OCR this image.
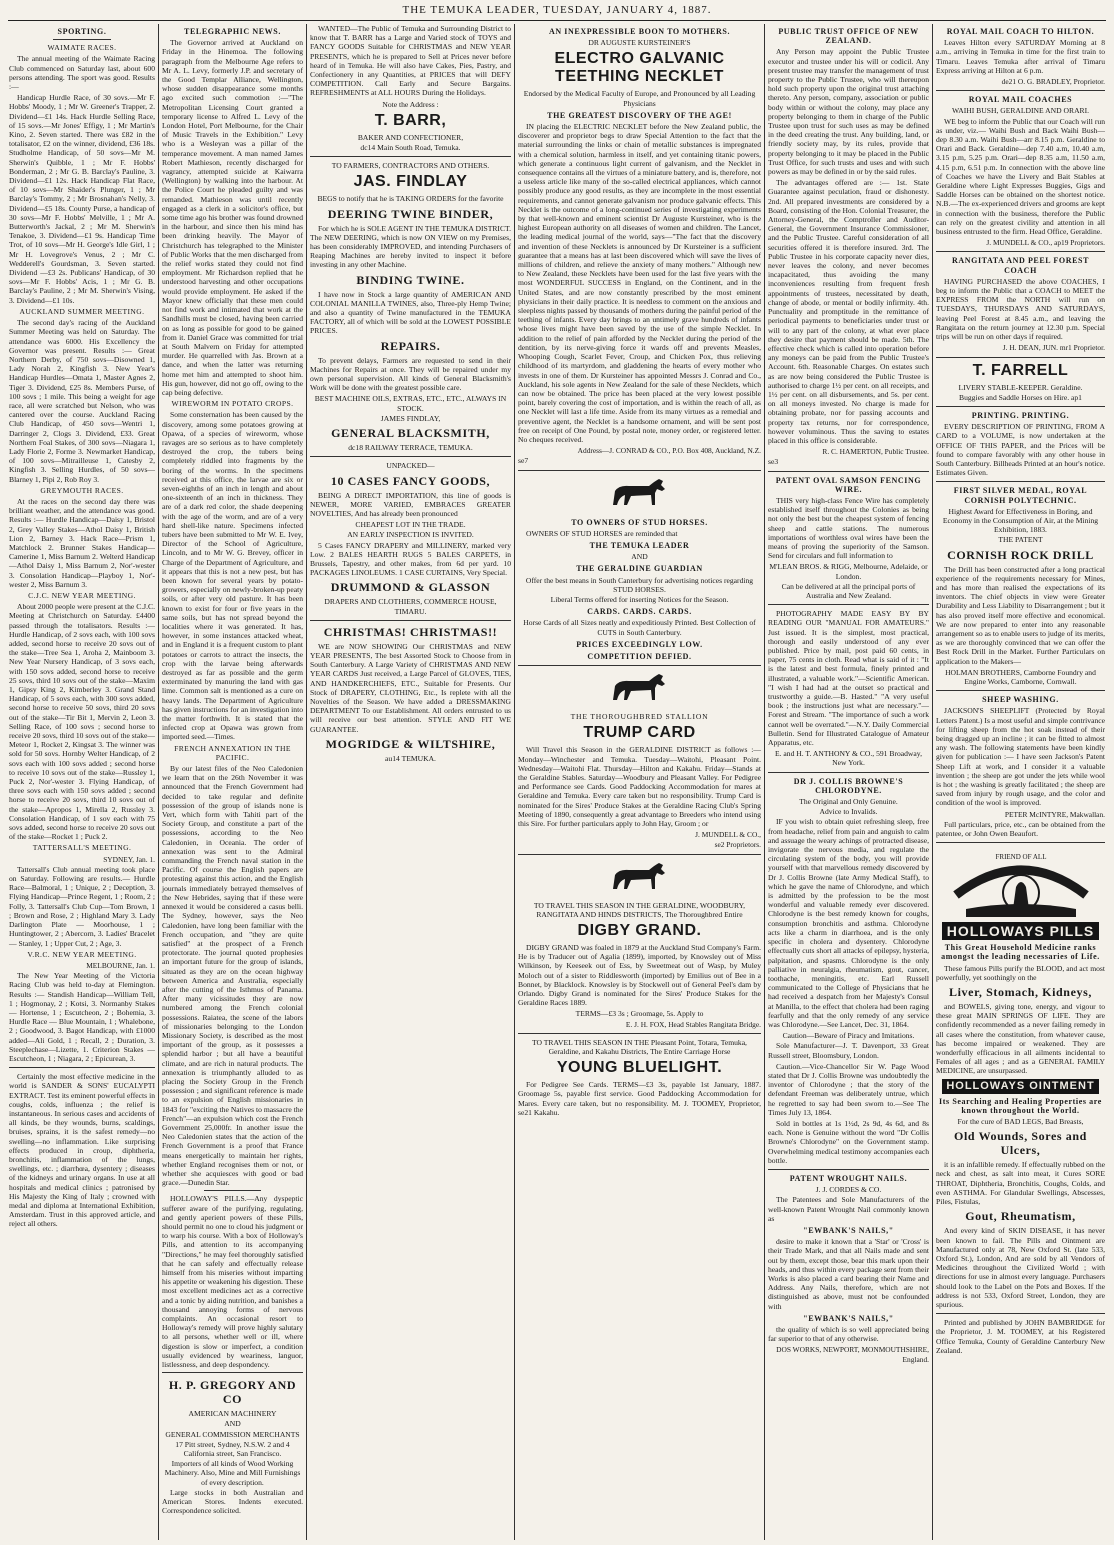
THE TEMUKA LEADER, TUESDAY, JANUARY 4, 1887.
SPORTING.
WAIMATE RACES.

The annual meeting of the Waimate Racing Club commenced on Saturday last, about 600 persons attending. The sport was good. Results :—

Handicap Hurdle Race, of 30 sovs.—Mr F. Hobbs' Moody, 1 ; Mr W. Greener's Trapper, 2. Dividend—£1 14s. Hack Hurdle Selling Race, of 15 sovs.—Mr Jones' Effigy, 1 ; Mr Martin's Kino, 2. Seven started. There was £82 in the totalisator, £2 on the winner, dividend, £36 18s. Studholme Handicap, of 50 sovs—Mr M. Sherwin's Quibble, 1 ; Mr F. Hobbs' Bonderman, 2 ; Mr G. B. Barclay's Pauline, 3. Dividend—£1 12s. Hack Handicap Flat Race, of 10 sovs—Mr Shaider's Plunger, 1 ; Mr Barclay's Tommy, 2 ; Mr Brosnahan's Nelly, 3. Dividend—£5 18s. County Purse, a handicap of 30 sovs—Mr F. Hobbs' Melville, 1 ; Mr A. Butterworth's Jackal, 2 ; Mr M. Sherwin's Tenakoe, 3. Dividend—£1 9s. Handicap Time Trot, of 10 sovs—Mr H. George's Idle Girl, 1 ; Mr H. Lovegrove's Venus, 2 ; Mr C. Wedderell's Gourdsman, 3. Seven started. Dividend —£3 2s. Publicans' Handicap, of 30 sovs—Mr F. Hobbs' Acis, 1 ; Mr G. B. Barclay's Pauline, 2 ; Mr M. Sherwin's Vising, 3. Dividend—£1 10s.

AUCKLAND SUMMER MEETING.

The second day's racing of the Auckland Summer Meeting was held on Saturday. The attendance was 6000. His Excellency the Governor was present. Results :— Great Northern Derby, of 750 sovs—Disowned 1, Lady Norah 2, Kingfish 3. New Year's Handicap Hurdles—Omata 1, Master Agnes 2, Tiger 3. Dividend, £25 8s. Members Purse, of 100 sovs ; 1 mile. This being a weight for age race, all were scratched but Nelson, who was cantered over the course. Auckland Racing Club Handicap, of 450 sovs—Wentri 1, Darringer 2, Clogs 3. Dividend, £33. Great Northern Foal Stakes, of 300 sovs—Niagara 1, Lady Florie 2, Forme 3. Newmarket Handicap, of 100 sovs—Mitrailleuse 1, Catesby 2, Kingfish 3. Selling Hurdles, of 50 sovs—Blarney 1, Pipi 2, Rob Roy 3.

GREYMOUTH RACES.

At the races on the second day there was brilliant weather, and the attendance was good. Results :— Hurdle Handicap—Daisy 1, Bristol 2, Grey Valley Stakes—Athol Daisy 1, British Lion 2, Barney 3. Hack Race—Prism 1, Matchlock 2. Brunner Stakes Handicap—Camerine 1, Miss Barnum 2. Welterd Handicap—Athol Daisy 1, Miss Barnum 2, Nor'-wester 3. Consolation Handicap—Playboy 1, Nor'-wester 2, Miss Barnum 3.

C.J.C. NEW YEAR MEETING.

About 2000 people were present at the C.J.C. Meeting at Christchurch on Saturday. £4400 passed through the totalisators. Results :— Hurdle Handicap, of 2 sovs each, with 100 sovs added, second horse to receive 20 sovs out of the stake—Tree Sea 1, Aroha 2, Mainboom 3. New Year Nursery Handicap, of 3 sovs each, with 150 sovs added, second horse to receive 25 sovs, third 10 sovs out of the stake—Maxim 1, Gipsy King 2, Kimberley 3. Grand Stand Handicap, of 5 sovs each, with 300 sovs added, second horse to receive 50 sovs, third 20 sovs out of the stake—Tir Bit 1, Mervin 2, Leon 3. Selling Race, of 100 sovs ; second horse to receive 20 sovs, third 10 sovs out of the stake—Meteor 1, Rocket 2, Kingsat 3. The winner was sold for 50 sovs. Hornby Welter Handicap, of 2 sovs each with 100 sovs added ; second horse to receive 10 sovs out of the stake—Russley 1, Puck 2, Nor'-wester 3. Flying Handicap, of three sovs each with 150 sovs added ; second horse to receive 20 sovs, third 10 sovs out of the stake—Apropos 1, Mirella 2, Russley 3. Consolation Handicap, of 1 sov each with 75 sovs added, second horse to receive 20 sovs out of the stake—Rocket 1 ; Puck 2.

TATTERSALL'S MEETING.
SYDNEY, Jan. 1.

Tattersall's Club annual meeting took place on Saturday. Following are results.— Hurdle Race—Balmoral, 1 ; Unique, 2 ; Deception, 3. Flying Handicap—Prince Regent, 1 ; Room, 2 ; Folly, 3. Tattersall's Club Cup—Tom Brown, 1 ; Brown and Rose, 2 ; Highland Mary 3. Lady Darlington Plate — Moorhouse, 1 ; Huntingtower, 2 ; Abercorn, 3. Ladies' Bracelet — Stanley, 1 ; Upper Cut, 2 ; Age, 3.

V.R.C. NEW YEAR MEETING.
MELBOURNE, Jan. 1.

The New Year Meeting of the Victoria Racing Club was held to-day at Flemington. Results :— Standish Handicap—William Tell, 1 ; Hogmonay, 2 ; Kotsi, 3. Normanby Stakes — Hortense, 1 ; Escutcheon, 2 ; Bohemia, 3. Hurdle Race — Blue Mountain, 1 ; Whalebone, 2 ; Goodwood, 3. Bagot Handicap, with £1000 added—Ali Gold, 1 ; Recall, 2 ; Duration, 3. Steeplechase—Lizette, 1. Criterion Stakes — Escutcheon, 1 ; Niagara, 2 ; Epicurean, 3.

Certainly the most effective medicine in the world is SANDER & SONS' EUCALYPTI EXTRACT. Test its eminent powerful effects in coughs, colds, influenza ; the relief is instantaneous. In serious cases and accidents of all kinds, be they wounds, burns, scaldings, bruises, sprains, it is the safest remedy—no swelling—no inflammation. Like surprising effects produced in croup, diphtheria, bronchitis, inflammation of the lungs, swellings, etc. ; diarrhœa, dysentery ; diseases of the kidneys and urinary organs. In use at all hospitals and medical clinics ; patronised by His Majesty the King of Italy ; crowned with medal and diploma at International Exhibition, Amsterdam. Trust in this approved article, and reject all others.

TELEGRAPHIC NEWS.

The Governor arrived at Auckland on Friday in the Hinemoa. The following paragraph from the Melbourne Age refers to Mr A. L. Levy, formerly J.P. and secretary of the Good Templar Alliance, Wellington, whose sudden disappearance some months ago excited such commotion :—"The Metropolitan Licensing Court granted a temporary license to Alfred L. Levy of the London Hotel, Port Melbourne, for the Chair of Music Travels in the Exhibition." Levy who is a Wesleyan was a pillar of the temperance movement. A man named James Robert Mathieson, recently discharged for vagrancy, attempted suicide at Kaiwarra (Wellington) by walking into the harbour. At the Police Court he pleaded guilty and was remanded. Mathieson was until recently engaged as a clerk in a solicitor's office, but some time ago his brother was found drowned in the harbour, and since then his mind has been drinking heavily. The Mayor of Christchurch has telegraphed to the Minister of Public Works that the men discharged from the relief works stated they could not find employment. Mr Richardson replied that he understood harvesting and other occupations would provide employment. He asked if the Mayor knew officially that these men could not find work and intimated that work at the Sandhills must be closed, having been carried on as long as possible for good to be gained from it. Daniel Grace was committed for trial at South Malvern on Friday for attempted murder. He quarrelled with Jas. Brown at a dance, and when the latter was returning home met him and attempted to shoot him. His gun, however, did not go off, owing to the cap being defective.

WIREWORM IN POTATO CROPS.

Some consternation has been caused by the discovery, among some potatoes growing at Opawa, of a species of wireworm, whose ravages are so serious as to have completely destroyed the crop, the tubers being completely riddled into fragments by the boring of the worms. In the specimens received at this office, the larvae are six or seven-eighths of an inch in length and about one-sixteenth of an inch in thickness. They are of a dark red color, the shade deepening with the age of the worm, and are of a very hard shell-like nature. Specimens infected tubers have been submitted to Mr W. E. Ivey, Director of the School of Agriculture, Lincoln, and to Mr W. G. Brevey, officer in Charge of the Department of Agriculture, and it appears that this is not a new pest, but has been known for several years by potato-growers, especially on newly-broken-up peaty soils, or after very old pasture. It has been known to exist for four or five years in the same soils, but has not spread beyond the localities where it was generated. It has, however, in some instances attacked wheat, and in England it is a frequent custom to plant potatoes or carrots to attract the insects, the crop with the larvae being afterwards destroyed as far as possible and the germ exterminated by manuring the land with gas lime. Common salt is mentioned as a cure on heavy lands. The Department of Agriculture has given instructions for an investigation into the matter forthwith. It is stated that the infected crop at Opawa was grown from imported seed.—Times.

FRENCH ANNEXATION IN THE PACIFIC.

By our latest files of the Neo Caledonien we learn that on the 26th November it was announced that the French Government had decided to take regular and definite possession of the group of islands none is Vert, which form with Tahiti part of the Society Group, and constitute a part of the possessions, according to the Neo Caledonien, in Oceania. The order of annexation was sent to the Admiral commanding the French naval station in the Pacific. Of course the English papers are protesting against this action, and the English journals immediately betrayed themselves of the New Hebrides, saying that if these were annexed it would be considered a casus belli. The Sydney, however, says the Neo Caledonien, have long been familiar with the French occupation, and "they are quite satisfied" at the prospect of a French protectorate. The journal quoted prophesies an important future for the group of islands, situated as they are on the ocean highway between America and Australia, especially after the cutting of the Isthmus of Panama. After many vicissitudes they are now numbered among the French colonial possessions. Raiatea, the scene of the labors of missionaries belonging to the London Missionary Society, is described as the most important of the group, as it possesses a splendid harbor ; but all have a beautiful climate, and are rich in natural products. The annexation is triumphantly alluded to as placing the Society Group in the French possession ; and significant reference is made to an expulsion of English missionaries in 1843 for "exciting the Natives to massacre the French"—an expulsion which cost the French Government 25,000fr. In another issue the Neo Caledonien states that the action of the French Government is a proof that France means energetically to maintain her rights, whether England recognises them or not, or whether she acquiesces with good or bad grace.—Dunedin Star.

HOLLOWAY'S PILLS.—Any dyspeptic sufferer aware of the purifying, regulating, and gently aperient powers of these Pills, should permit no one to cloud his judgment or to warp his course. With a box of Holloway's Pills, and attention to its accompanying "Directions," he may feel thoroughly satisfied that he can safely and effectually release himself from his miseries without imparting his appetite or weakening his digestion. These most excellent medicines act as a corrective and a tonic by aiding nutrition, and banishes a thousand annoying forms of nervous complaints. An occasional resort to Holloway's remedy will prove highly salutary to all persons, whether well or ill, where digestion is slow or imperfect, a condition usually evidenced by weariness, languor, listlessness, and deep despondency.

H. P. GREGORY AND CO
AMERICAN MACHINERY
AND
GENERAL COMMISSION MERCHANTS
17 Pitt street, Sydney, N.S.W. 2 and 4 California street, San Francisco.
Importers of all kinds of Wood Working Machinery. Also, Mine and Mill Furnishings of every description.

Large stocks in both Australian and American Stores. Indents executed. Correspondence solicited.

WANTED—The Public of Temuka and Surrounding District to know that T. BARR has a Large and Varied stock of TOYS and FANCY GOODS Suitable for CHRISTMAS and NEW YEAR PRESENTS, which he is prepared to Sell at Prices never before heard of in Temuka. He will also have Cakes, Pies, Pastry, and Confectionery in any Quantities, at PRICES that will DEFY COMPETITION. Call Early and Secure Bargains. REFRESHMENTS at ALL HOURS During the Holidays.

Note the Address :
T. BARR,
BAKER AND CONFECTIONER,
dc14 Main South Road, Temuka.
TO FARMERS, CONTRACTORS AND OTHERS.
JAS. FINDLAY
BEGS to notify that he is TAKING ORDERS for the favorite
DEERING TWINE BINDER,

For which he is SOLE AGENT IN THE TEMUKA DISTRICT. The NEW DEERING, which is now ON VIEW on my Premises, has been considerably IMPROVED, and intending Purchasers of Reaping Machines are hereby invited to inspect it before investing in any other Machine.

BINDING TWINE.

I have now in Stock a large quantity of AMERICAN AND COLONIAL MANILLA TWINES, also, Three-ply Hemp Twine; and also a quantity of Twine manufactured in the TEMUKA FACTORY, all of which will be sold at the LOWEST POSSIBLE PRICES.

REPAIRS.

To prevent delays, Farmers are requested to send in their Machines for Repairs at once. They will be repaired under my own personal supervision. All kinds of General Blacksmith's Work will be done with the greatest possible care.

BEST MACHINE OILS, EXTRAS, ETC., ETC., ALWAYS IN STOCK.
JAMES FINDLAY,
GENERAL BLACKSMITH,
dc18 RAILWAY TERRACE, TEMUKA.
UNPACKED—
10 CASES FANCY GOODS,

BEING A DIRECT IMPORTATION, this line of goods is NEWER, MORE VARIED, EMBRACES GREATER NOVELTIES, And has already been pronounced

CHEAPEST LOT IN THE TRADE.
AN EARLY INSPECTION IS INVITED.

5 Cases FANCY DRAPERY and MILLINERY, marked very Low. 2 BALES HEARTH RUGS 5 BALES CARPETS, in Brussels, Tapestry, and other makes, from 6d per yard. 10 PACKAGES LINOLEUMS. 1 CASE CURTAINS, Very Special.

DRUMMOND & GLASSON
DRAPERS AND CLOTHIERS, COMMERCE HOUSE, TIMARU.
CHRISTMAS! CHRISTMAS!!

WE are NOW SHOWING Our CHRISTMAS and NEW YEAR PRESENTS, The best Assorted Stock to Choose from in South Canterbury. A Large Variety of CHRISTMAS AND NEW YEAR CARDS Just received, a Large Parcel of GLOVES, TIES, AND HANDKERCHIEFS, ETC., Suitable for Presents. Our Stock of DRAPERY, CLOTHING, Etc., Is replete with all the Novelties of the Season. We have added a DRESSMAKING DEPARTMENT To our Establishment. All orders entrusted to us will receive our best attention. STYLE AND FIT WE GUARANTEE.

MOGRIDGE & WILTSHIRE,
au14 TEMUKA.
AN INEXPRESSIBLE BOON TO MOTHERS.
DR AUGUSTE KURSTEINER'S
ELECTRO GALVANIC TEETHING NECKLET
Endorsed by the Medical Faculty of Europe, and Pronounced by all Leading Physicians
THE GREATEST DISCOVERY OF THE AGE!

IN placing the ELECTRIC NECKLET before the New Zealand public, the discoverer and proprietor begs to draw Special Attention to the fact that the material surrounding the links or chain of metallic substances is impregnated with a chemical solution, harmless in itself, and yet containing titanic powers, which generate a continuous light current of galvanism, and the Necklet in consequence contains all the virtues of a miniature battery, and is, therefore, not a useless article like many of the so-called electrical appliances, which cannot possibly produce any good results, as they are incomplete in the most essential requirements, and cannot generate galvanism nor produce galvanic effects. This Necklet is the outcome of a long-continued series of investigating experiments by that well-known and eminent scientist Dr Auguste Kursteiner, who is the highest European authority on all diseases of women and children. The Lancet, the leading medical journal of the world, says—"The fact that the discovery and invention of these Necklets is announced by Dr Kursteiner is a sufficient guarantee that a means has at last been discovered which will save the lives of millions of children, and relieve the anxiety of many mothers." Although new to New Zealand, these Necklets have been used for the last five years with the most WONDERFUL SUCCESS in England, on the Continent, and in the United States, and are now constantly prescribed by the most eminent physicians in their daily practice. It is needless to comment on the anxious and sleepless nights passed by thousands of mothers during the painful period of the teething of infants. Every day brings to an untimely grave hundreds of infants whose lives might have been saved by the use of the simple Necklet. In addition to the relief of pain afforded by the Necklet during the period of the dentition, by its nerve-giving force it wards off and prevents Measles, Whooping Cough, Scarlet Fever, Croup, and Chicken Pox, thus relieving childhood of its martyrdom, and gladdening the hearts of every mother who invests in one of them. Dr Kursteiner has appointed Messrs J. Conrad and Co., Auckland, his sole agents in New Zealand for the sale of these Necklets, which can now be obtained. The price has been placed at the very lowest possible point, barely covering the cost of importation, and is within the reach of all, as one Necklet will last a life time. Aside from its many virtues as a remedial and preventive agent, the Necklet is a handsome ornament, and will be sent post free on receipt of One Pound, by postal note, money order, or registered letter. No cheques received.

Address—J. CONRAD & CO., P.O. Box 408, Auckland, N.Z.
se7
TO OWNERS OF STUD HORSES.

OWNERS OF STUD HORSES are reminded that

THE TEMUKA LEADER
AND
THE GERALDINE GUARDIAN
Offer the best means in South Canterbury for advertising notices regarding STUD HORSES.
Liberal Terms offered for inserting Notices for the Season.
CARDS. CARDS. CARDS.
Horse Cards of all Sizes neatly and expeditiously Printed. Best Collection of CUTS in South Canterbury.
PRICES EXCEEDINGLY LOW.
COMPETITION DEFIED.
THE THOROUGHBRED STALLION
TRUMP CARD

Will Travel this Season in the GERALDINE DISTRICT as follows :— Monday—Winchester and Temuka. Tuesday—Waitohi, Pleasant Point. Wednesday—Waitohi Flat. Thursday—Hilton and Kakahu. Friday—Stands at the Geraldine Stables. Saturday—Woodbury and Pleasant Valley. For Pedigree and Performance see Cards. Good Paddocking Accommodation for mares at Geraldine and Temuka. Every care taken but no responsibility. Trump Card is nominated for the Sires' Produce Stakes at the Geraldine Racing Club's Spring Meeting of 1890, consequently a great advantage to Breeders who intend using this Sire. For further particulars apply to John Hay, Groom ; or

J. MUNDELL & CO.,
se2 Proprietors.
TO TRAVEL THIS SEASON IN THE GERALDINE, WOODBURY, RANGITATA AND HINDS DISTRICTS, The Thoroughbred Entire
DIGBY GRAND.

DIGBY GRAND was foaled in 1879 at the Auckland Stud Company's Farm. He is by Traducer out of Agalia (1899), imported, by Knowsley out of Miss Wilkinson, by Keeseek out of Ess, by Sweetmeat out of Wasp, by Muley Moloch out of a sister to Riddlesworth (imported) by Emilius out of Bee in a Bonnet, by Blacklock. Knowsley is by Stockwell out of General Peel's dam by Orlando. Digby Grand is nominated for the Sires' Produce Stakes for the Geraldine Races 1889.

TERMS—£3 3s ; Groomage, 5s. Apply to
E. J. H. FOX, Head Stables Rangitata Bridge.
TO TRAVEL THIS SEASON IN THE Pleasant Point, Totara, Temuka, Geraldine, and Kakahu Districts, The Entire Carriage Horse
YOUNG BLUELIGHT.

For Pedigree See Cards. TERMS—£3 3s, payable 1st January, 1887. Groomage 5s, payable first service. Good Paddocking Accommodation for Mares. Every care taken, but no responsibility. M. J. TOOMEY, Proprietor, se21 Kakahu.

PUBLIC TRUST OFFICE OF NEW ZEALAND.

Any Person may appoint the Public Trustee executor and trustee under his will or codicil. Any present trustee may transfer the management of trust property to the Public Trustee, who will thereupon hold such property upon the original trust attaching thereto. Any person, company, association or public body within or without the colony, may place any property belonging to them in charge of the Public Trustee upon trust for such uses as may be defined in the deed creating the trust. Any building, land, or friendly society may, by its rules, provide that property belonging to it may be placed in the Public Trust Office, for such trusts and uses and with such powers as may be defined in or by the said rules.

The advantages offered are :— 1st. State Guarantee against peculation, fraud or dishonesty. 2nd. All prepared investments are considered by a Board, consisting of the Hon. Colonial Treasurer, the Attorney-General, the Comptroller and Auditor-General, the Government Insurance Commissioner, and the Public Trustee. Careful consideration of all securities offered it is therefore insured. 3rd. The Public Trustee in his corporate capacity never dies, never leaves the colony, and never becomes incapacitated, thus avoiding the many inconveniences resulting from frequent fresh appointments of trustees, necessitated by death, change of abode, or mental or bodily infirmity. 4th. Punctuality and promptitude in the remittance of periodical payments to beneficiaries under trust or will to any part of the colony, at what ever place they desire that payment should be made. 5th. The effective check which is called into operation before any moneys can be paid from the Public Trustee's Account. 6th. Reasonable Charges. On estates such as are now being considered the Public Trustee is authorised to charge 1½ per cent. on all receipts, and 1½ per cent. on all disbursements, and 5s. per cent. on all moneys invested. No charge is made for obtaining probate, nor for passing accounts and property tax returns, nor for correspondence, however voluminous. Thus the saving to estates placed in this office is considerable.

R. C. HAMERTON, Public Trustee.
se3
PATENT OVAL SAMSON FENCING WIRE.

THIS very high-class Fence Wire has completely established itself throughout the Colonies as being not only the best but the cheapest system of fencing sheep and cattle stations. The numerous importations of worthless oval wires have been the means of proving the superiority of the Samson. Send for circulars and full information to

M'LEAN BROS. & RIGG, Melbourne, Adelaide, or London.
Can be delivered at all the principal ports of Australia and New Zealand.

PHOTOGRAPHY MADE EASY BY BY READING OUR "MANUAL FOR AMATEURS." Just issued. It is the simplest, most practical, thorough and easily understood of any ever published. Price by mail, post paid 60 cents, in paper, 75 cents in cloth. Read what is said of it : "It is the latest and best formula, finely printed and illustrated, a valuable work."—Scientific American. "I wish I had had at the outset so practical and trustworthy a guide.—B. Hasted." "A very useful book ; the instructions just what are necessary."—Forest and Stream. "The importance of such a work cannot well be overrated."—N.Y. Daily Commercial Bulletin. Send for Illustrated Catalogue of Amateur Apparatus, etc.

E. and H. T. ANTHONY & CO., 591 Broadway, New York.
DR J. COLLIS BROWNE'S CHLORODYNE.
The Original and Only Genuine.
Advice to Invalids.

IF you wish to obtain quiet refreshing sleep, free from headache, relief from pain and anguish to calm and assuage the weary achings of protracted disease, invigorate the nervous media, and regulate the circulating system of the body, you will provide yourself with that marvellous remedy discovered by Dr J. Collis Browne (late Army Medical Staff), to which he gave the name of Chlorodyne, and which is admitted by the profession to be the most wonderful and valuable remedy ever discovered. Chlorodyne is the best remedy known for coughs, consumption bronchitis and asthma. Chlorodyne acts like a charm in diarrhoea, and is the only specific in cholera and dysentery. Chlorodyne effectually cuts short all attacks of epilepsy, hysteria, palpitation, and spasms. Chlorodyne is the only palliative in neuralgia, rheumatism, gout, cancer, toothache, meningitis, etc. Earl Russell communicated to the College of Physicians that he had received a despatch from her Majesty's Consul at Manilla, to the effect that cholera had been raging fearfully and that the only remedy of any service was Chlorodyne.—See Lancet, Dec. 31, 1864.

Caution—Beware of Piracy and Imitations.

Sole Manufacturer—J. T. Davenport, 33 Great Russell street, Bloomsbury, London.

Caution.—Vice-Chancellor Sir W. Page Wood stated that Dr J. Collis Browne was undoubtedly the inventor of Chlorodyne ; that the story of the defendant Freeman was deliberately untrue, which he regretted to say had been sworn to.—See The Times July 13, 1864.

Sold in bottles at 1s 1½d, 2s 9d, 4s 6d, and 8s each. None is Genuine without the word "Dr Collis Browne's Chlorodyne" on the Government stamp. Overwhelming medical testimony accompanies each bottle.

PATENT WROUGHT NAILS.
J. J. CORDES & CO.

The Patentees and Sole Manufacturers of the well-known Patent Wrought Nail commonly known as

"EWBANK'S NAILS,"

desire to make it known that a 'Star' or 'Cross' is their Trade Mark, and that all Nails made and sent out by them, except those, bear this mark upon their heads, and thus within every package sent from their Works is also placed a card bearing their Name and Address. Any Nails, therefore, which are not distinguished as above, must not be confounded with

"EWBANK'S NAILS,"

the quality of which is so well appreciated being far superior to that of any otherwise.

DOS WORKS, NEWPORT, MONMOUTHSHIRE, England.
ROYAL MAIL COACH TO HILTON.

Leaves Hilton every SATURDAY Morning at 8 a.m., arriving in Temuka in time for the first train to Timaru. Leaves Temuka after arrival of Timaru Express arriving at Hilton at 6 p.m.

de21 O. G. BRADLEY, Proprietor.
ROYAL MAIL COACHES
WAIHI BUSH, GERALDINE AND ORARI.

WE beg to inform the Public that our Coach will run as under, viz.— Waihi Bush and Back Waihi Bush—dep 8.30 a.m. Waihi Bush—arr 8.15 p.m. Geraldine to Orari and Back. Geraldine—dep 7.40 a.m, 10.40 a.m, 3.15 p.m, 5.25 p.m. Orari—dep 8.35 a.m, 11.50 a.m, 4.15 p.m, 6.51 p.m. In connection with the above line of Coaches we have the Livery and Bait Stables at Geraldine where Light Expresses Buggies, Gigs and Saddle Horses can be obtained on the shortest notice. N.B.—The ex-experienced drivers and grooms are kept in connection with the business, therefore the Public can rely on the greatest civility and attention in all business entrusted to the firm. Head Office, Geraldine.

J. MUNDELL & CO., ap19 Proprietors.
RANGITATA AND PEEL FOREST COACH

HAVING PURCHASED the above COACHES, I beg to inform the Public that a COACH to MEET the EXPRESS FROM the NORTH will run on TUESDAYS, THURSDAYS AND SATURDAYS, leaving Peel Forest at 8.45 a.m., and leaving the Rangitata on the return journey at 12.30 p.m. Special trips will be run on other days if required.

J. H. DEAN, JUN. mr1 Proprietor.
T. FARRELL
LIVERY STABLE-KEEPER. Geraldine.
Buggies and Saddle Horses on Hire. ap1
PRINTING. PRINTING.

EVERY DESCRIPTION OF PRINTING, FROM A CARD to a VOLUME, is now undertaken at the OFFICE OF THIS PAPER, and the Prices will be found to compare favorably with any other house in South Canterbury. Billheads Printed at an hour's notice. Estimates Given.

FIRST SILVER MEDAL, ROYAL CORNISH POLYTECHNIC.
Highest Award for Effectiveness in Boring, and Economy in the Consumption of Air, at the Mining Exhibition, 1883.
THE PATENT
CORNISH ROCK DRILL

The Drill has been constructed after a long practical experience of the requirements necessary for Mines, and has more than realised the expectations of its inventors. The chief objects in view were Greater Durability and Less Liability to Disarrangement ; but it has also proved itself more effective and economical. We are now prepared to enter into any reasonable arrangement so as to enable users to judge of its merits, as we are thoroughly convinced that we can offer the Best Rock Drill in the Market. Further Particulars on application to the Makers—

HOLMAN BROTHERS, Camborne Foundry and Engine Works, Camborne, Cornwall.
SHEEP WASHING.

JACKSON'S SHEEPLIFT (Protected by Royal Letters Patent.) Is a most useful and simple contrivance for lifting sheep from the hot soak instead of their being dragged up an incline ; it can be fitted to almost any wash. The following statements have been kindly given for publication :— I have seen Jackson's Patent Sheep Lift at work, and I consider it a valuable invention ; the sheep are got under the jets while wool is hot ; the washing is greatly facilitated ; the sheep are saved from injury by rough usage, and the color and condition of the wool is improved.

PETER McINTYRE, Makwallan.

Full particulars, price, etc., can be obtained from the patentee, or John Owen Beaufort.

FRIEND OF ALL
HOLLOWAYS PILLS
This Great Household Medicine ranks amongst the leading necessaries of Life.

These famous Pills purify the BLOOD, and act most powerfully, yet soothingly on the

Liver, Stomach, Kidneys,

and BOWELS, giving tone, energy, and vigour to these great MAIN SPRINGS OF LIFE. They are confidently recommended as a never failing remedy in all cases where the constitution, from whatever cause, has become impaired or weakened. They are wonderfully efficacious in all ailments incidental to Females of all ages ; and as a GENERAL FAMILY MEDICINE, are unsurpassed.

HOLLOWAYS OINTMENT
Its Searching and Healing Properties are known throughout the World.
For the cure of BAD LEGS, Bad Breasts,
Old Wounds, Sores and Ulcers,

it is an infallible remedy. If effectually rubbed on the neck and chest, as salt into meat, it Cures SORE THROAT, Diphtheria, Bronchitis, Coughs, Colds, and even ASTHMA. For Glandular Swellings, Abscesses, Piles, Fistulas,

Gout, Rheumatism,

And every kind of SKIN DISEASE, it has never been known to fail. The Pills and Ointment are Manufactured only at 78, New Oxford St. (late 533, Oxford St.), London, And are sold by all Vendors of Medicines throughout the Civilized World ; with directions for use in almost every language. Purchasers should look to the Label on the Pots and Boxes. If the address is not 533, Oxford Street, London, they are spurious.

Printed and published by JOHN BAMBRIDGE for the Proprietor, J. M. TOOMEY, at his Registered Office Temuka, County of Geraldine Canterbury New Zealand.
